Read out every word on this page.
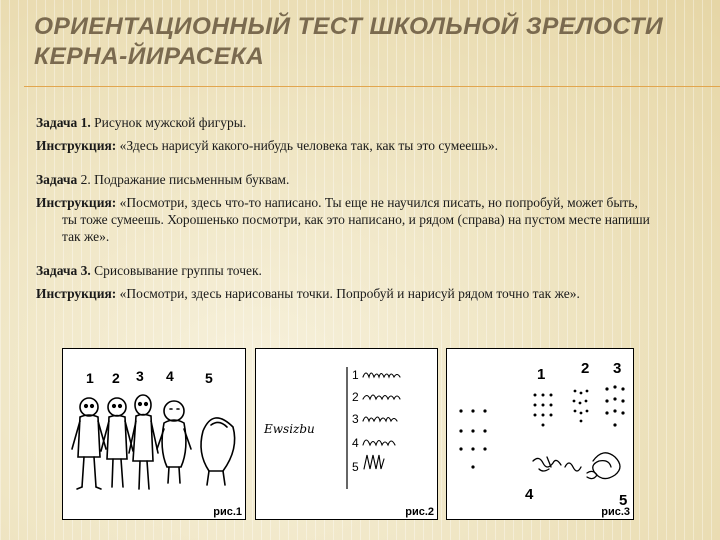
ОРИЕНТАЦИОННЫЙ ТЕСТ ШКОЛЬНОЙ ЗРЕЛОСТИ КЕРНА-ЙИРАСЕКА

Задача 1. Рисунок мужской фигуры.

Инструкция: «Здесь нарисуй какого-нибудь человека так, как ты это сумеешь».

Задача 2. Подражание письменным буквам.

Инструкция: «Посмотри, здесь что-то написано. Ты еще не научился писать, но попробуй, может быть, ты тоже сумеешь. Хорошенько посмотри, как это написано, и рядом (справа) на пустом месте напиши так же».

Задача 3. Срисовывание группы точек.

Инструкция: «Посмотри, здесь нарисованы точки. Попробуй и нарисуй рядом точно так же».

1 2 3 4 5
рис.1
Ewsizbu
1
2
3
4
5
рис.2
1 2 3
4	5
рис.3
